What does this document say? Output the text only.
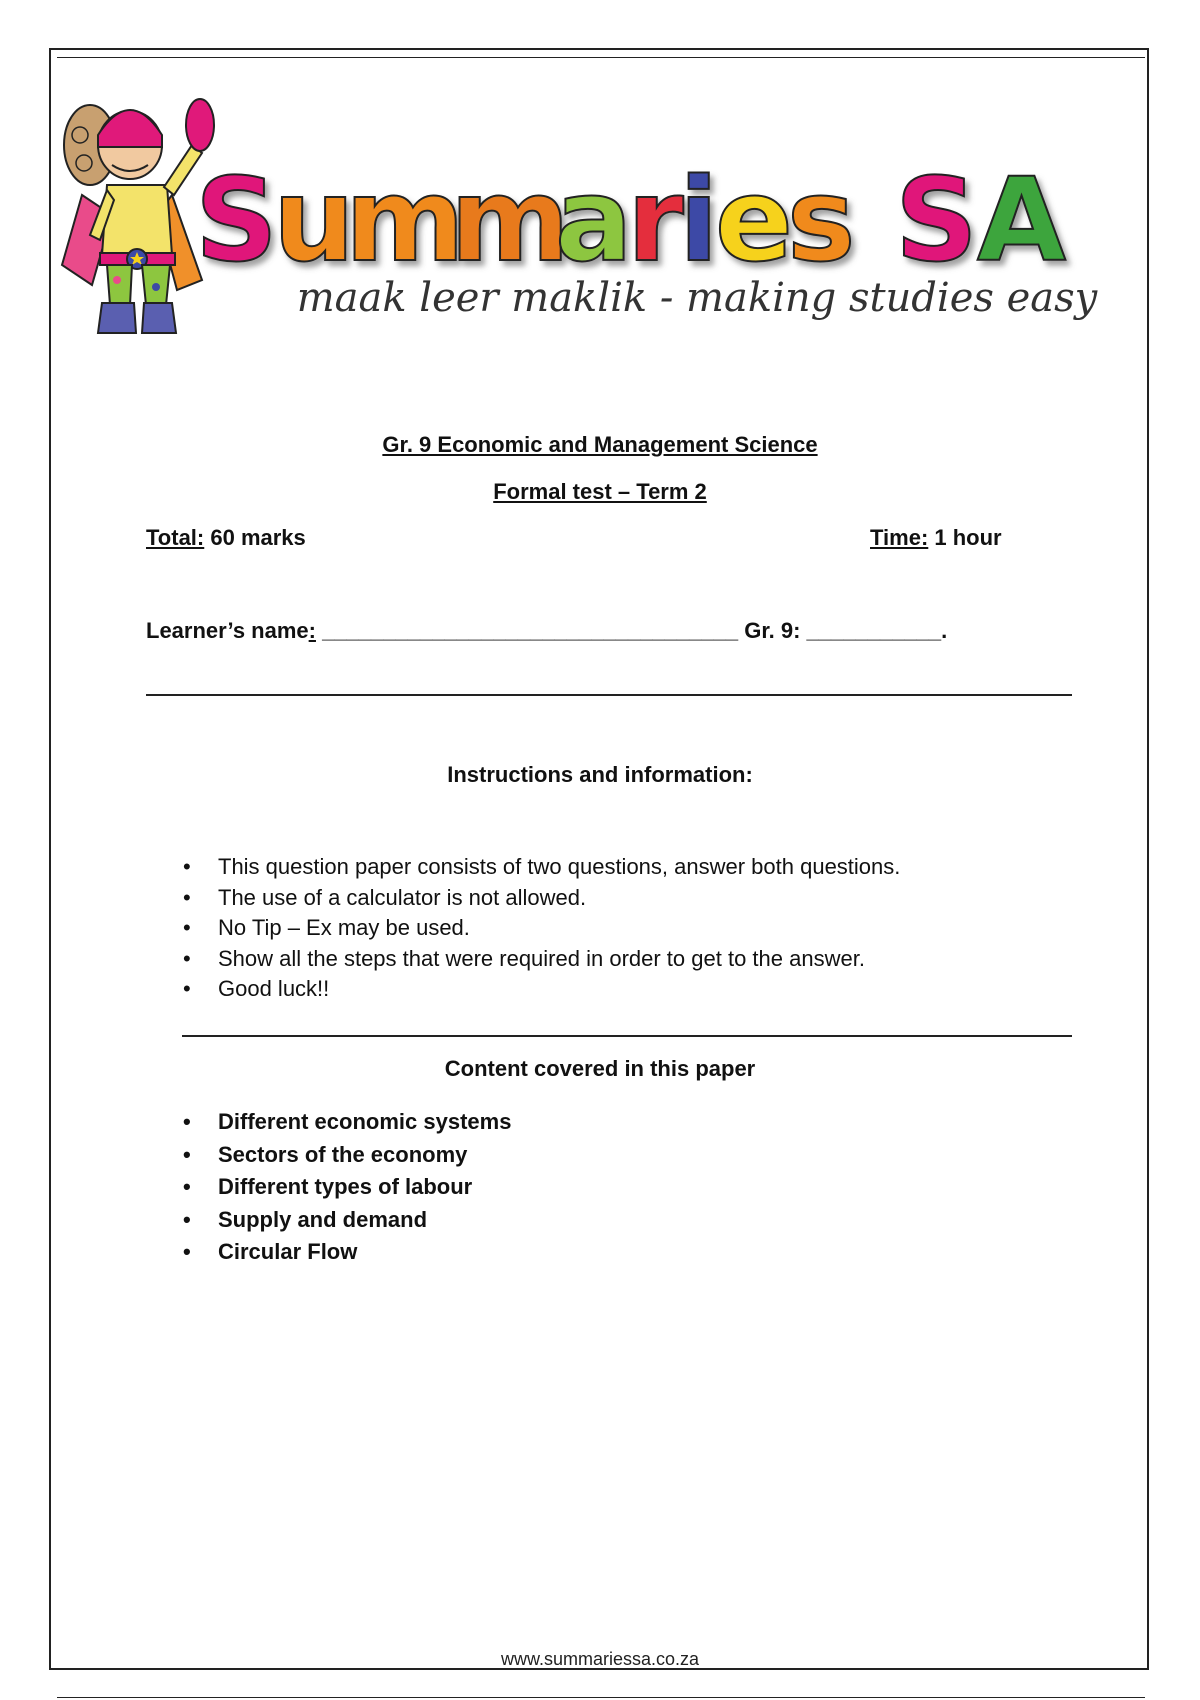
S
u
m
m
a
r
i
e
s S A
maak leer maklik - making studies easy
Gr. 9 Economic and Management Science
Formal test – Term 2
Total: 60 marks	Time: 1 hour
Learner’s name: __________________________________ Gr. 9: ___________.
Instructions and information:
• This question paper consists of two questions, answer both questions.
• The use of a calculator is not allowed.
• No Tip – Ex may be used.
• Show all the steps that were required in order to get to the answer.
• Good luck!!
Content covered in this paper
• Different economic systems
• Sectors of the economy
• Different types of labour
• Supply and demand
• Circular Flow
www.summariessa.co.za
